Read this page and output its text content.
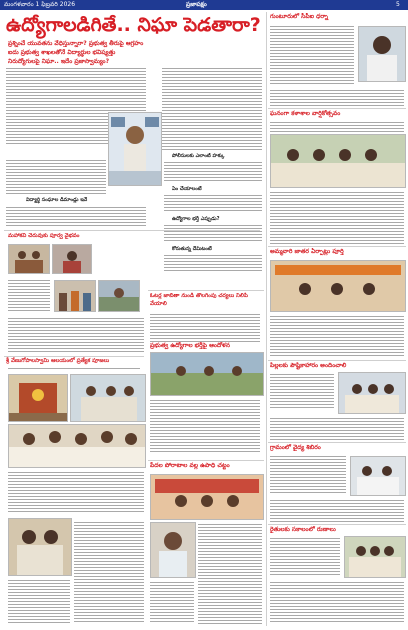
మంగళవారం 1 ఫిబ్రవరి 2026	ప్రజాపక్షం	5
ఉద్యోగాలడిగితే.. నిఘా పెడతారా?
ప్రశ్నించే యువతను వేధిస్తున్నారా? ప్రభుత్వ తీరుపై ఆగ్రహం
ఐదు ప్రభుత్వ శాఖలతోనే విద్యార్థుల భవిష్యత్తు
నిరుద్యోగులపై నిఘా.. ఇదేం ప్రజాస్వామ్యం?
విద్యార్థి సంఘాల డిమాండ్లు ఇవే
పోలీసులకు ఎలాంటి హక్కు
ఏం చేయాలంటే
ఉద్యోగాల భర్తీ ఎప్పుడు?
కోరుతున్న దేమిటంటే
మహాకవి చెరువుకు పూర్వ వైభవం
శ్రీ వేణుగోపాలస్వామి ఆలయంలో ప్రత్యేక పూజలు
ఓటర్ల జాబితా నుండి తొలగింపు చర్యలు నిలిపి వేయాలి
ప్రభుత్వ ఉద్యోగాల భర్తీపై ఆందోళన
పేదల పోరాటాల వల్ల ఉపాధి చట్టం
గుంటూరులో సీపీఐ ధర్నా
ఘనంగా కళాశాల వార్షికోత్సవం
అమ్మవారి జాతర ఏర్పాట్లు పూర్తి
పిల్లలకు పౌష్టికాహారం అందించాలి
గ్రామంలో వైద్య శిబిరం
రైతులకు సకాలంలో రుణాలు
